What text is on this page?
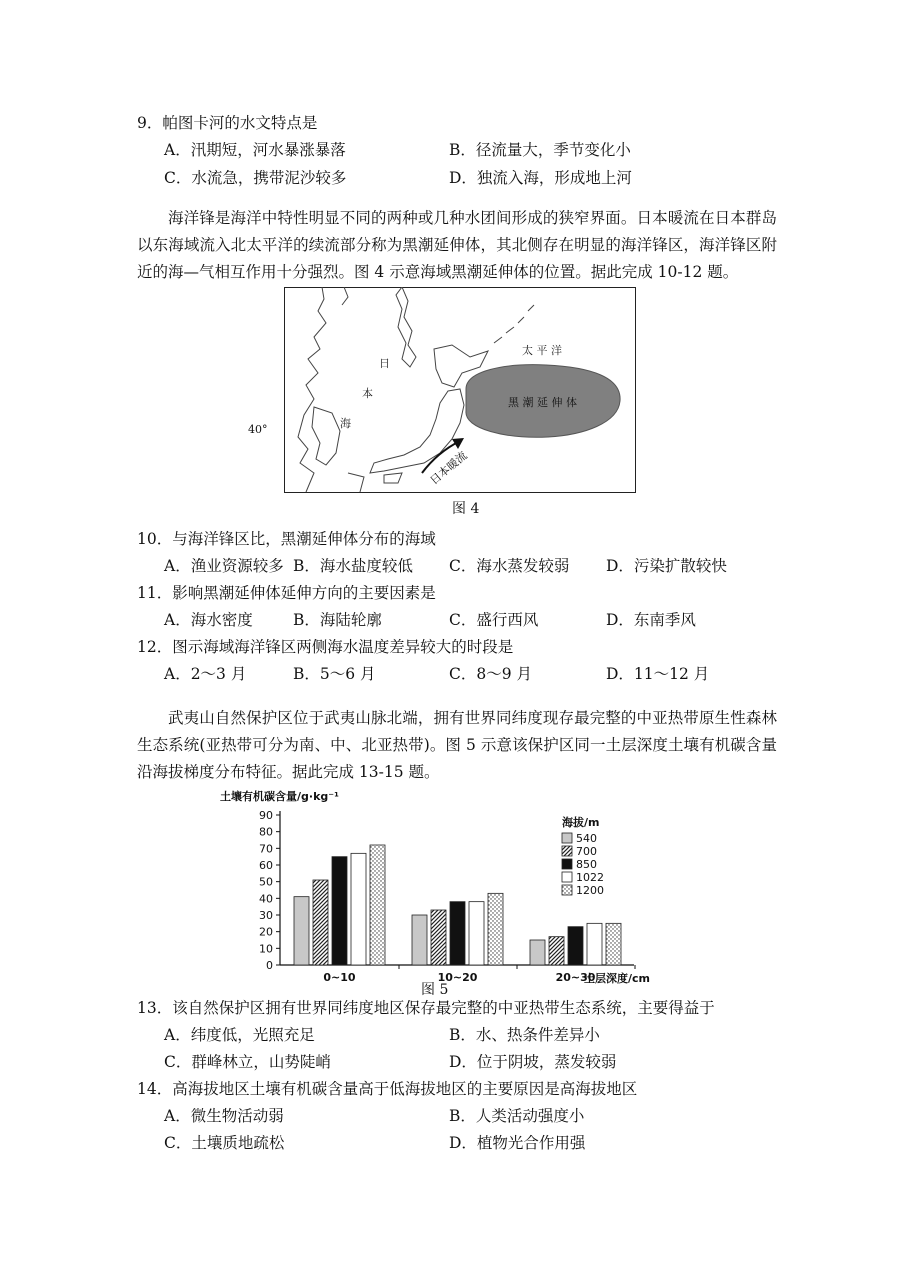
9．帕图卡河的水文特点是
A．汛期短，河水暴涨暴落	B．径流量大，季节变化小
C．水流急，携带泥沙较多	D．独流入海，形成地上河
海洋锋是海洋中特性明显不同的两种或几种水团间形成的狭窄界面。日本暖流在日本群岛以东海域流入北太平洋的续流部分称为黑潮延伸体，其北侧存在明显的海洋锋区，海洋锋区附近的海—气相互作用十分强烈。图 4 示意海域黑潮延伸体的位置。据此完成 10-12 题。
日
本
海
太 平 洋
黑 潮 延 伸 体
日本暖流
40°
图 4
10．与海洋锋区比，黑潮延伸体分布的海域
A．渔业资源较多 B．海水盐度较低 C．海水蒸发较弱 D．污染扩散较快
11．影响黑潮延伸体延伸方向的主要因素是
A．海水密度	B．海陆轮廓	C．盛行西风	D．东南季风
12．图示海域海洋锋区两侧海水温度差异较大的时段是
A．2～3 月	B．5～6 月	C．8～9 月	D．11～12 月
武夷山自然保护区位于武夷山脉北端，拥有世界同纬度现存最完整的中亚热带原生性森林生态系统(亚热带可分为南、中、北亚热带)。图 5 示意该保护区同一土层深度土壤有机碳含量沿海拔梯度分布特征。据此完成 13-15 题。
0
10
20
30
40
50
60
70
80
90
土壤有机碳含量/g·kg⁻¹
土层深度/cm
0~10	10~20	20~30
海拔/m
540
700
850
1022
1200
图 5
13．该自然保护区拥有世界同纬度地区保存最完整的中亚热带生态系统，主要得益于
A．纬度低，光照充足	B．水、热条件差异小
C．群峰林立，山势陡峭	D．位于阴坡，蒸发较弱
14．高海拔地区土壤有机碳含量高于低海拔地区的主要原因是高海拔地区
A．微生物活动弱	B．人类活动强度小
C．土壤质地疏松	D．植物光合作用强
